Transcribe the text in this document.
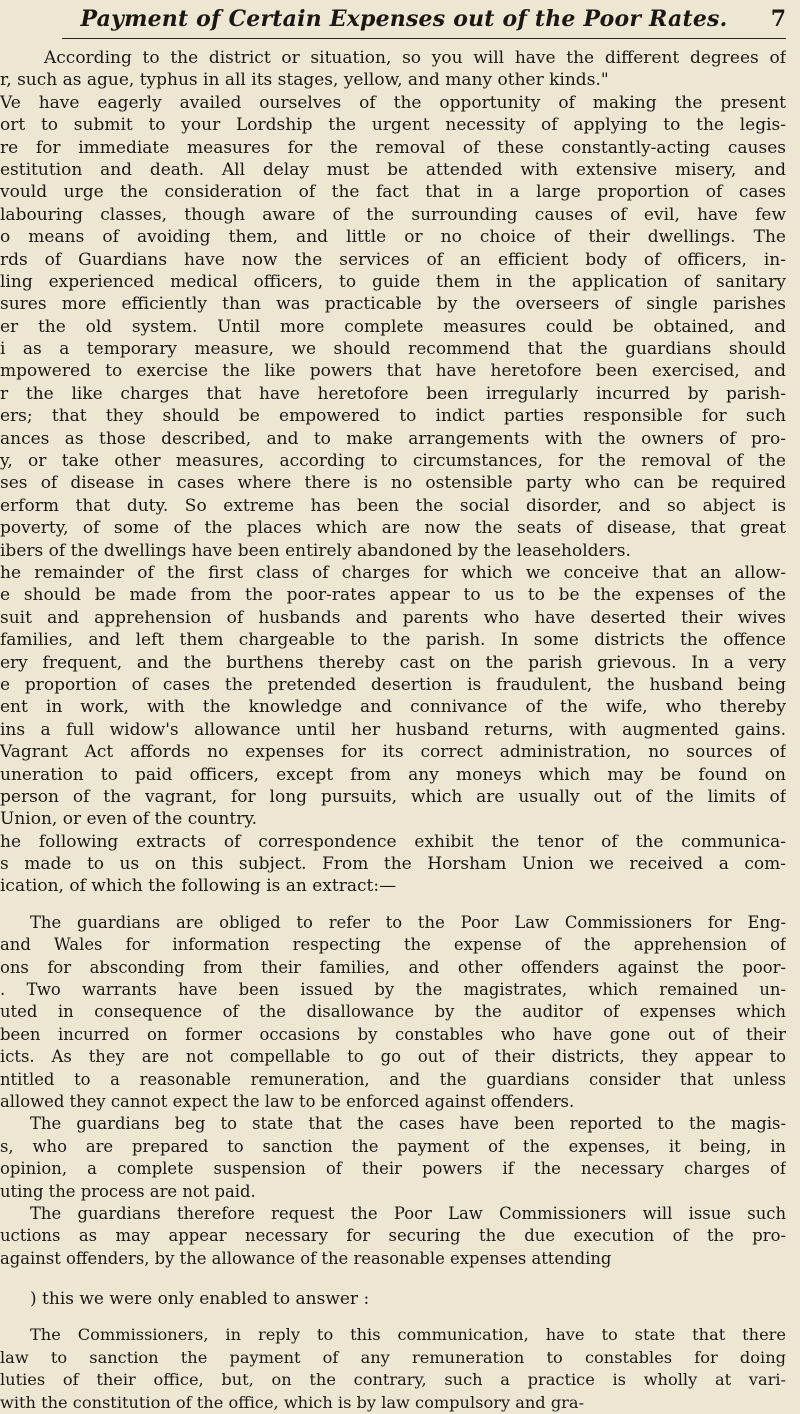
Payment of Certain Expenses out of the Poor Rates.	7
According to the district or situation, so you will have the different degrees of
r, such as ague, typhus in all its stages, yellow, and many other kinds."
Ve have eagerly availed ourselves of the opportunity of making the present
ort to submit to your Lordship the urgent necessity of applying to the legis-
re for immediate measures for the removal of these constantly-acting causes
estitution and death. All delay must be attended with extensive misery, and
vould urge the consideration of the fact that in a large proportion of cases
labouring classes, though aware of the surrounding causes of evil, have few
o means of avoiding them, and little or no choice of their dwellings. The
rds of Guardians have now the services of an efficient body of officers, in-
ling experienced medical officers, to guide them in the application of sanitary
sures more efficiently than was practicable by the overseers of single parishes
er the old system. Until more complete measures could be obtained, and
i as a temporary measure, we should recommend that the guardians should
mpowered to exercise the like powers that have heretofore been exercised, and
r the like charges that have heretofore been irregularly incurred by parish-
ers; that they should be empowered to indict parties responsible for such
ances as those described, and to make arrangements with the owners of pro-
y, or take other measures, according to circumstances, for the removal of the
ses of disease in cases where there is no ostensible party who can be required
erform that duty. So extreme has been the social disorder, and so abject is
poverty, of some of the places which are now the seats of disease, that great
ibers of the dwellings have been entirely abandoned by the leaseholders.
he remainder of the first class of charges for which we conceive that an allow-
e should be made from the poor-rates appear to us to be the expenses of the
suit and apprehension of husbands and parents who have deserted their wives
families, and left them chargeable to the parish. In some districts the offence
ery frequent, and the burthens thereby cast on the parish grievous. In a very
e proportion of cases the pretended desertion is fraudulent, the husband being
ent in work, with the knowledge and connivance of the wife, who thereby
ins a full widow's allowance until her husband returns, with augmented gains.
Vagrant Act affords no expenses for its correct administration, no sources of
uneration to paid officers, except from any moneys which may be found on
person of the vagrant, for long pursuits, which are usually out of the limits of
Union, or even of the country.
he following extracts of correspondence exhibit the tenor of the communica-
s made to us on this subject. From the Horsham Union we received a com-
ication, of which the following is an extract:—
The guardians are obliged to refer to the Poor Law Commissioners for Eng-
and Wales for information respecting the expense of the apprehension of
ons for absconding from their families, and other offenders against the poor-
. Two warrants have been issued by the magistrates, which remained un-
uted in consequence of the disallowance by the auditor of expenses which
been incurred on former occasions by constables who have gone out of their
icts. As they are not compellable to go out of their districts, they appear to
ntitled to a reasonable remuneration, and the guardians consider that unless
allowed they cannot expect the law to be enforced against offenders.
The guardians beg to state that the cases have been reported to the magis-
s, who are prepared to sanction the payment of the expenses, it being, in
opinion, a complete suspension of their powers if the necessary charges of
uting the process are not paid.
The guardians therefore request the Poor Law Commissioners will issue such
uctions as may appear necessary for securing the due execution of the pro-
against offenders, by the allowance of the reasonable expenses attending
) this we were only enabled to answer :
The Commissioners, in reply to this communication, have to state that there
law to sanction the payment of any remuneration to constables for doing
luties of their office, but, on the contrary, such a practice is wholly at vari-
with the constitution of the office, which is by law compulsory and gra-
